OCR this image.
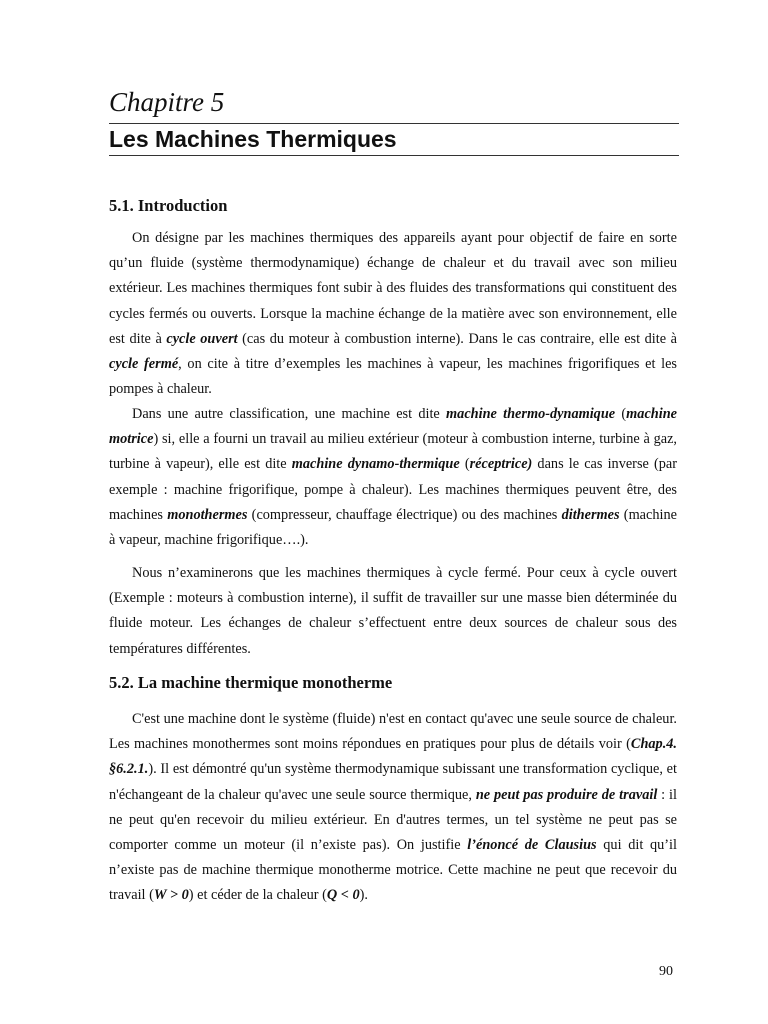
Chapitre 5
Les Machines Thermiques
5.1. Introduction

On désigne par les machines thermiques des appareils ayant pour objectif de faire en sorte qu’un fluide (système thermodynamique) échange de chaleur et du travail avec son milieu extérieur. Les machines thermiques font subir à des fluides des transformations qui constituent des cycles fermés ou ouverts. Lorsque la machine échange de la matière avec son environnement, elle est dite à cycle ouvert (cas du moteur à combustion interne). Dans le cas contraire, elle est dite à cycle fermé, on cite à titre d’exemples les machines à vapeur, les machines frigorifiques et les pompes à chaleur.

Dans une autre classification, une machine est dite machine thermo-dynamique (machine motrice) si, elle a fourni un travail au milieu extérieur (moteur à combustion interne, turbine à gaz, turbine à vapeur), elle est dite machine dynamo-thermique (réceptrice) dans le cas inverse (par exemple : machine frigorifique, pompe à chaleur). Les machines thermiques peuvent être, des machines monothermes (compresseur, chauffage électrique) ou des machines dithermes (machine à vapeur, machine frigorifique….).

Nous n’examinerons que les machines thermiques à cycle fermé. Pour ceux à cycle ouvert (Exemple : moteurs à combustion interne), il suffit de travailler sur une masse bien déterminée du fluide moteur. Les échanges de chaleur s’effectuent entre deux sources de chaleur sous des températures différentes.

5.2. La machine thermique monotherme

C'est une machine dont le système (fluide) n'est en contact qu'avec une seule source de chaleur. Les machines monothermes sont moins répondues en pratiques pour plus de détails voir (Chap.4. §6.2.1.). Il est démontré qu'un système thermodynamique subissant une transformation cyclique, et n'échangeant de la chaleur qu'avec une seule source thermique, ne peut pas produire de travail : il ne peut qu'en recevoir du milieu extérieur. En d'autres termes, un tel système ne peut pas se comporter comme un moteur (il n’existe pas). On justifie l’énoncé de Clausius qui dit qu’il n’existe pas de machine thermique monotherme motrice. Cette machine ne peut que recevoir du travail (W > 0) et céder de la chaleur (Q < 0).

90
